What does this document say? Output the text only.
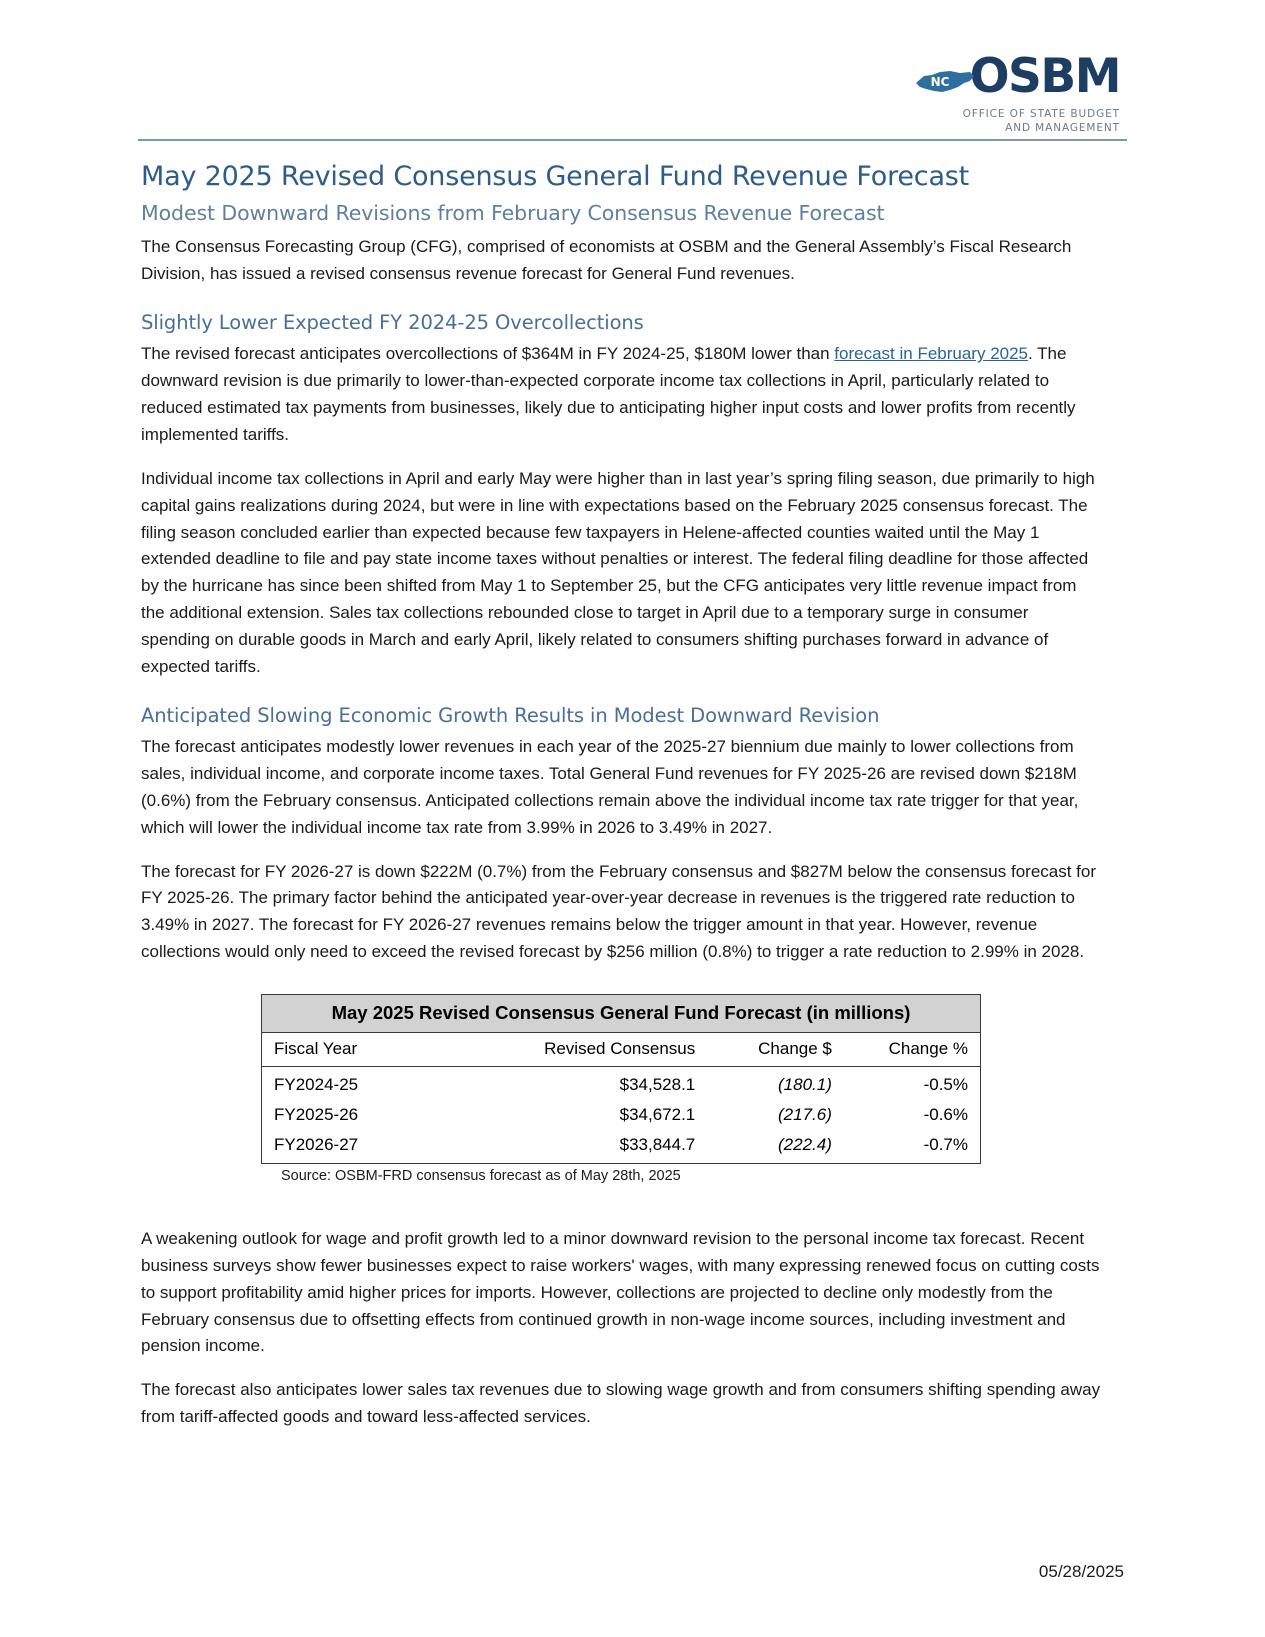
NC OSBM
OFFICE OF STATE BUDGET
AND MANAGEMENT
May 2025 Revised Consensus General Fund Revenue Forecast
Modest Downward Revisions from February Consensus Revenue Forecast

The Consensus Forecasting Group (CFG), comprised of economists at OSBM and the General Assembly’s Fiscal Research Division, has issued a revised consensus revenue forecast for General Fund revenues.

Slightly Lower Expected FY 2024-25 Overcollections

The revised forecast anticipates overcollections of $364M in FY 2024-25, $180M lower than forecast in February 2025. The downward revision is due primarily to lower-than-expected corporate income tax collections in April, particularly related to reduced estimated tax payments from businesses, likely due to anticipating higher input costs and lower profits from recently implemented tariffs.

Individual income tax collections in April and early May were higher than in last year’s spring filing season, due primarily to high capital gains realizations during 2024, but were in line with expectations based on the February 2025 consensus forecast. The filing season concluded earlier than expected because few taxpayers in Helene-affected counties waited until the May 1 extended deadline to file and pay state income taxes without penalties or interest. The federal filing deadline for those affected by the hurricane has since been shifted from May 1 to September 25, but the CFG anticipates very little revenue impact from the additional extension. Sales tax collections rebounded close to target in April due to a temporary surge in consumer spending on durable goods in March and early April, likely related to consumers shifting purchases forward in advance of expected tariffs.

Anticipated Slowing Economic Growth Results in Modest Downward Revision

The forecast anticipates modestly lower revenues in each year of the 2025-27 biennium due mainly to lower collections from sales, individual income, and corporate income taxes. Total General Fund revenues for FY 2025-26 are revised down $218M (0.6%) from the February consensus. Anticipated collections remain above the individual income tax rate trigger for that year, which will lower the individual income tax rate from 3.99% in 2026 to 3.49% in 2027.

The forecast for FY 2026-27 is down $222M (0.7%) from the February consensus and $827M below the consensus forecast for FY 2025-26. The primary factor behind the anticipated year-over-year decrease in revenues is the triggered rate reduction to 3.49% in 2027. The forecast for FY 2026-27 revenues remains below the trigger amount in that year. However, revenue collections would only need to exceed the revised forecast by $256 million (0.8%) to trigger a rate reduction to 2.99% in 2028.

May 2025 Revised Consensus General Fund Forecast (in millions)			
Fiscal Year	Revised Consensus	Change $	Change %
FY2024-25	$34,528.1	(180.1)	-0.5%
FY2025-26	$34,672.1	(217.6)	-0.6%
FY2026-27	$33,844.7	(222.4)	-0.7%
Source: OSBM-FRD consensus forecast as of May 28th, 2025

A weakening outlook for wage and profit growth led to a minor downward revision to the personal income tax forecast. Recent business surveys show fewer businesses expect to raise workers' wages, with many expressing renewed focus on cutting costs to support profitability amid higher prices for imports. However, collections are projected to decline only modestly from the February consensus due to offsetting effects from continued growth in non-wage income sources, including investment and pension income.

The forecast also anticipates lower sales tax revenues due to slowing wage growth and from consumers shifting spending away from tariff-affected goods and toward less-affected services.

05/28/2025
